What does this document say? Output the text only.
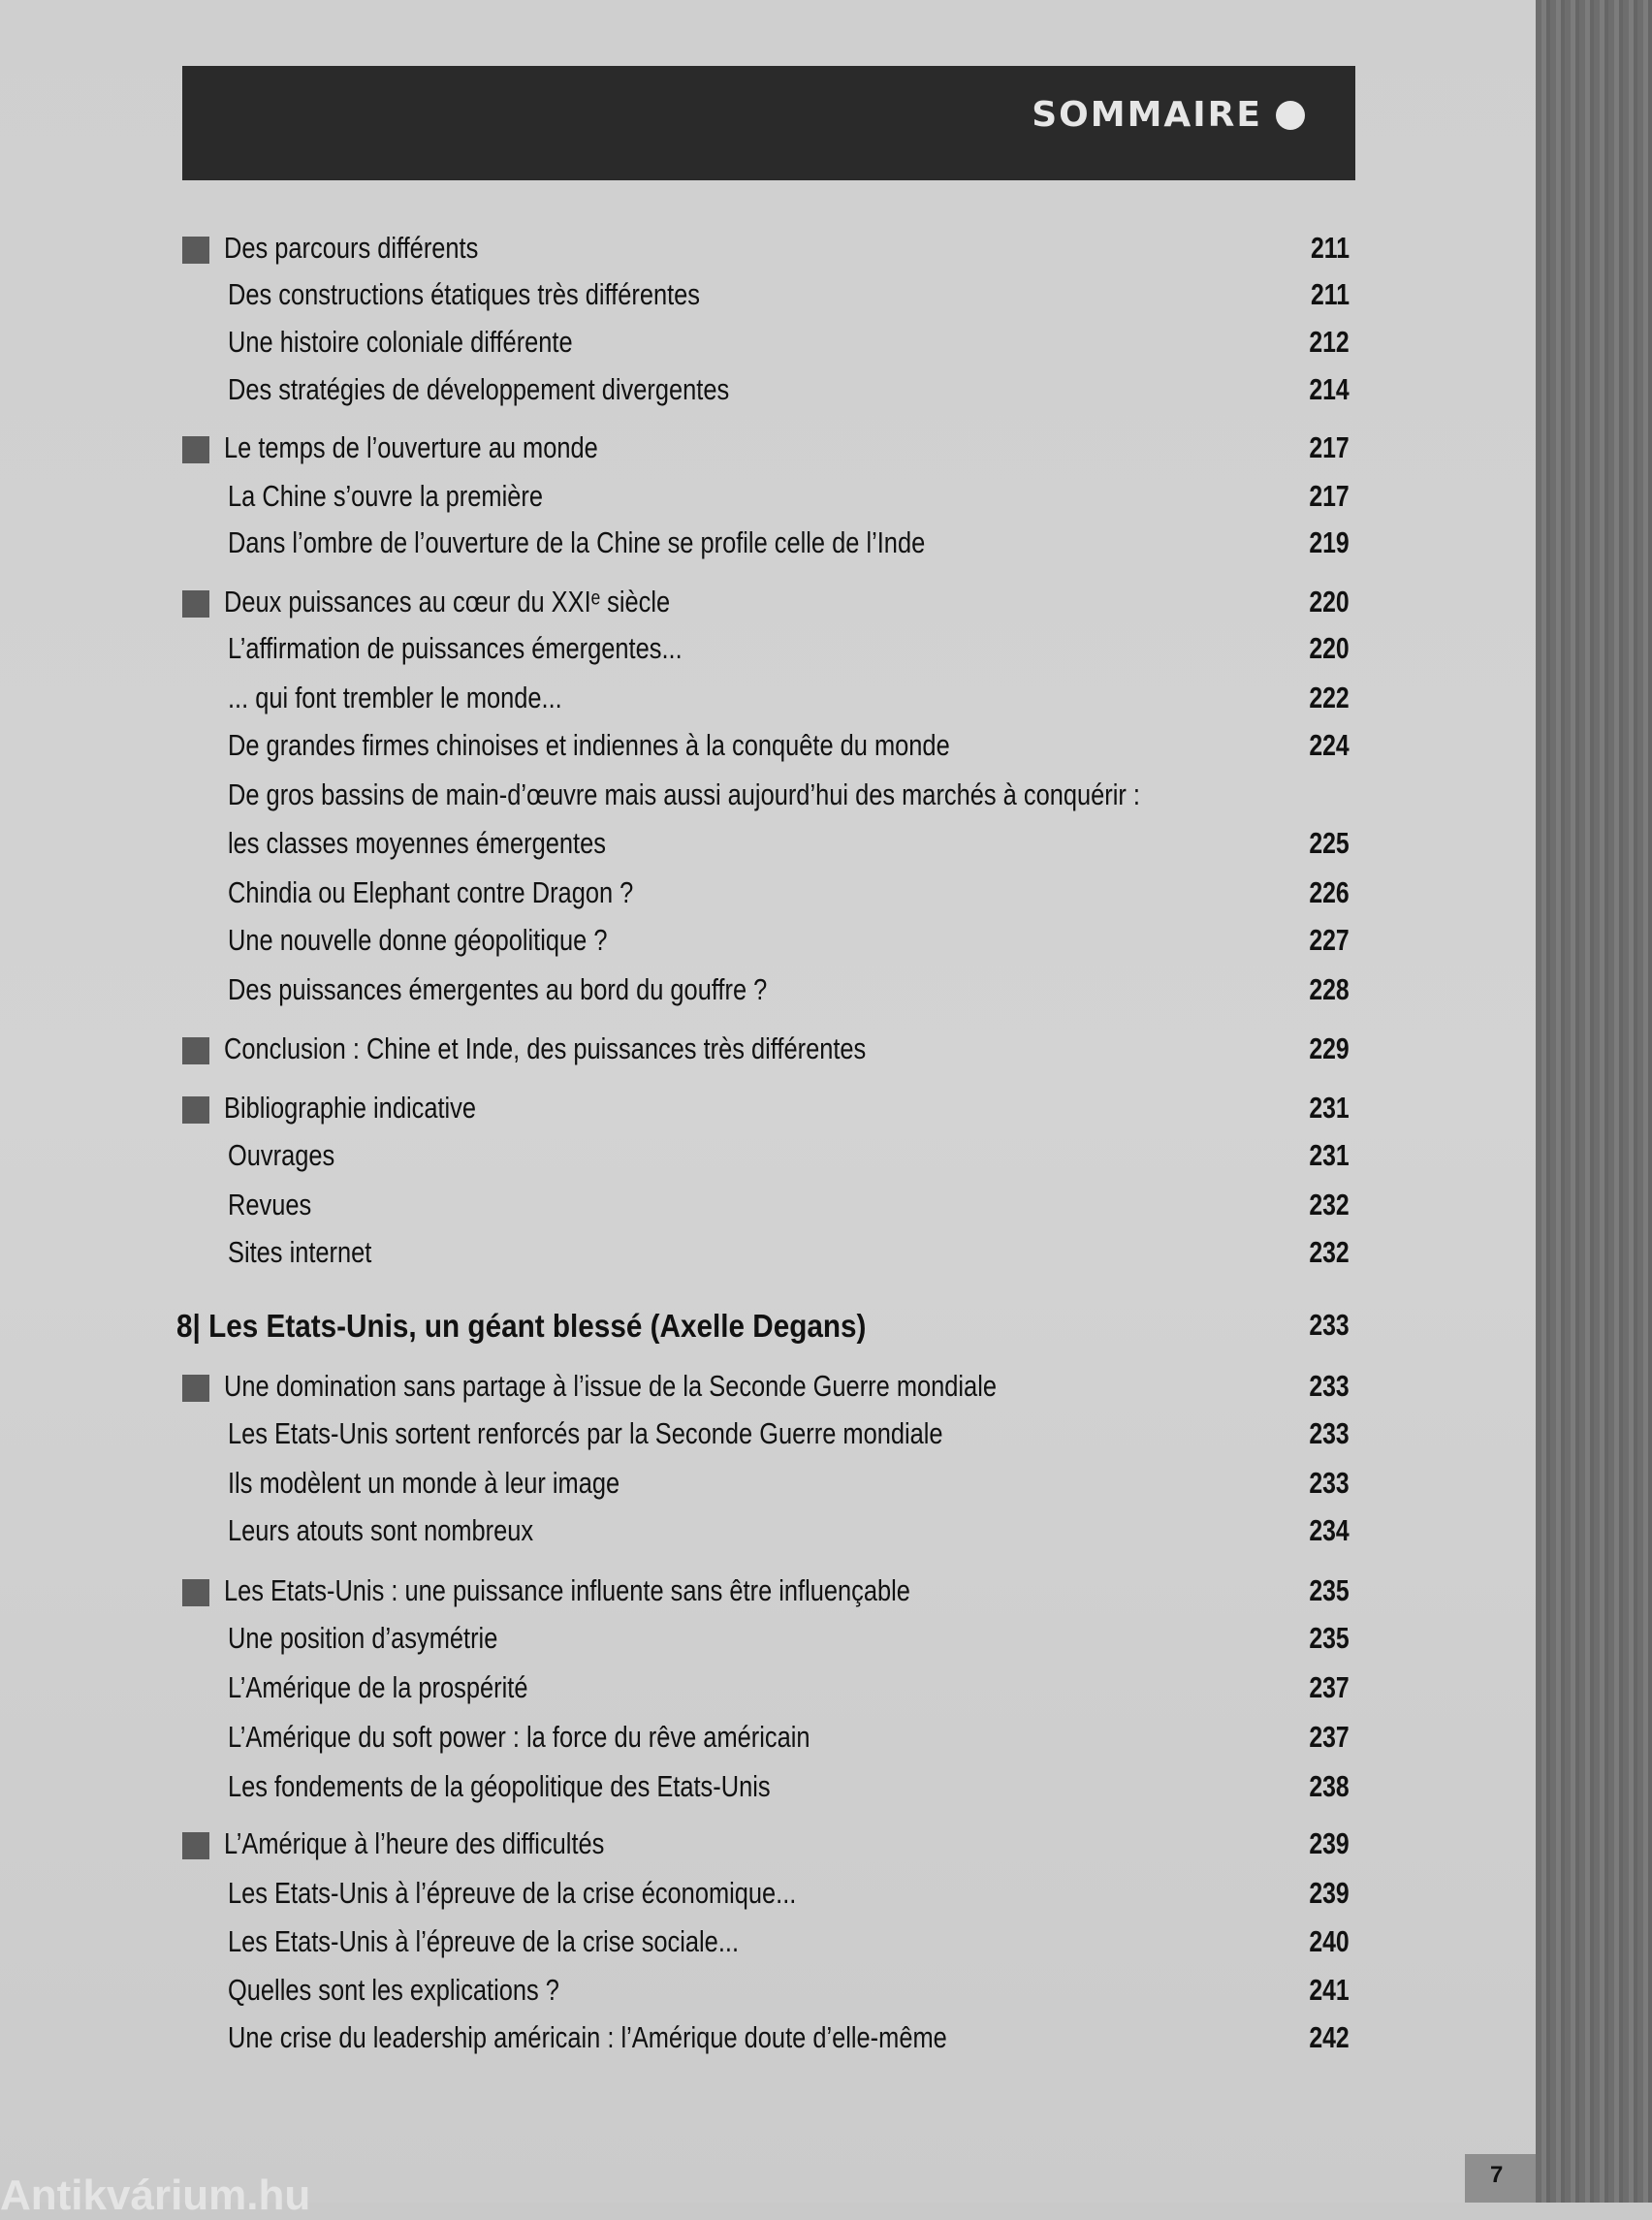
SOMMAIRE
Des parcours différents	211
Des constructions étatiques très différentes	211
Une histoire coloniale différente	212
Des stratégies de développement divergentes	214
Le temps de l’ouverture au monde	217
La Chine s’ouvre la première	217
Dans l’ombre de l’ouverture de la Chine se profile celle de l’Inde	219
Deux puissances au cœur du XXIᵉ siècle	220
L’affirmation de puissances émergentes...	220
... qui font trembler le monde...	222
De grandes firmes chinoises et indiennes à la conquête du monde	224
De gros bassins de main-d’œuvre mais aussi aujourd’hui des marchés à conquérir :
les classes moyennes émergentes	225
Chindia ou Elephant contre Dragon ?	226
Une nouvelle donne géopolitique ?	227
Des puissances émergentes au bord du gouffre ?	228
Conclusion : Chine et Inde, des puissances très différentes	229
Bibliographie indicative	231
Ouvrages	231
Revues	232
Sites internet	232
8| Les Etats-Unis, un géant blessé (Axelle Degans)	233
Une domination sans partage à l’issue de la Seconde Guerre mondiale	233
Les Etats-Unis sortent renforcés par la Seconde Guerre mondiale	233
Ils modèlent un monde à leur image	233
Leurs atouts sont nombreux	234
Les Etats-Unis : une puissance influente sans être influençable	235
Une position d’asymétrie	235
L’Amérique de la prospérité	237
L’Amérique du soft power : la force du rêve américain	237
Les fondements de la géopolitique des Etats-Unis	238
L’Amérique à l’heure des difficultés	239
Les Etats-Unis à l’épreuve de la crise économique...	239
Les Etats-Unis à l’épreuve de la crise sociale...	240
Quelles sont les explications ?	241
Une crise du leadership américain : l’Amérique doute d’elle-même	242
7
Antikvárium.hu
